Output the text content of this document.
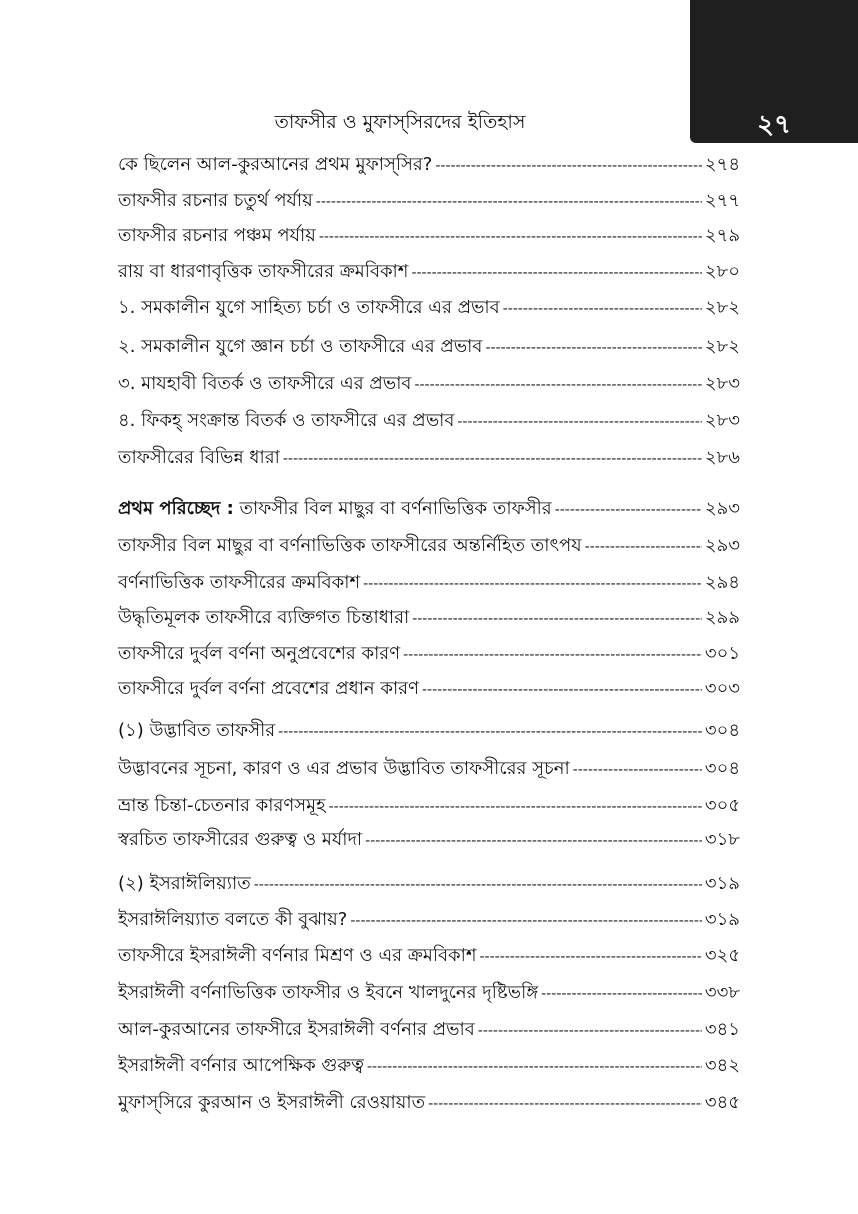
২৭
তাফসীর ও মুফাস্‌সিরদের ইতিহাস
কে ছিলেন আল-কুরআনের প্রথম মুফাস্‌সির? -----	২৭৪
তাফসীর রচনার চতুর্থ পর্যায় -----	২৭৭
তাফসীর রচনার পঞ্চম পর্যায় -----	২৭৯
রায় বা ধারণাবৃত্তিক তাফসীরের ক্রমবিকাশ -----	২৮০
১. সমকালীন যুগে সাহিত্য চর্চা ও তাফসীরে এর প্রভাব -----	২৮২
২. সমকালীন যুগে জ্ঞান চর্চা ও তাফসীরে এর প্রভাব -----	২৮২
৩. মাযহাবী বিতর্ক ও তাফসীরে এর প্রভাব -----	২৮৩
৪. ফিকহ্‌ সংক্রান্ত বিতর্ক ও তাফসীরে এর প্রভাব -----	২৮৩
তাফসীরের বিভিন্ন ধারা -----	২৮৬
প্রথম পরিচ্ছেদ : তাফসীর বিল মাছুর বা বর্ণনাভিত্তিক তাফসীর -----	২৯৩
তাফসীর বিল মাছুর বা বর্ণনাভিত্তিক তাফসীরের অন্তর্নিহিত তাৎপয -----	২৯৩
বর্ণনাভিত্তিক তাফসীরের ক্রমবিকাশ -----	২৯৪
উদ্ধৃতিমূলক তাফসীরে ব্যক্তিগত চিন্তাধারা -----	২৯৯
তাফসীরে দুর্বল বর্ণনা অনুপ্রবেশের কারণ -----	৩০১
তাফসীরে দুর্বল বর্ণনা প্রবেশের প্রধান কারণ -----	৩০৩
(১) উদ্ভাবিত তাফসীর -----	৩০৪
উদ্ভাবনের সূচনা, কারণ ও এর প্রভাব উদ্ভাবিত তাফসীরের সূচনা -----	৩০৪
ভ্রান্ত চিন্তা-চেতনার কারণসমূহ -----	৩০৫
স্বরচিত তাফসীরের গুরুত্ব ও মর্যাদা -----	৩১৮
(২) ইসরাঈলিয়্যাত -----	৩১৯
ইসরাঈলিয়্যাত বলতে কী বুঝায়? -----	৩১৯
তাফসীরে ইসরাঈলী বর্ণনার মিশ্রণ ও এর ক্রমবিকাশ -----	৩২৫
ইসরাঈলী বর্ণনাভিত্তিক তাফসীর ও ইবনে খালদুনের দৃষ্টিভঙ্গি -----	৩৩৮
আল-কুরআনের তাফসীরে ইসরাঈলী বর্ণনার প্রভাব -----	৩৪১
ইসরাঈলী বর্ণনার আপেক্ষিক গুরুত্ব -----	৩৪২
মুফাস্‌সিরে কুরআন ও ইসরাঈলী রেওয়ায়াত -----	৩৪৫
